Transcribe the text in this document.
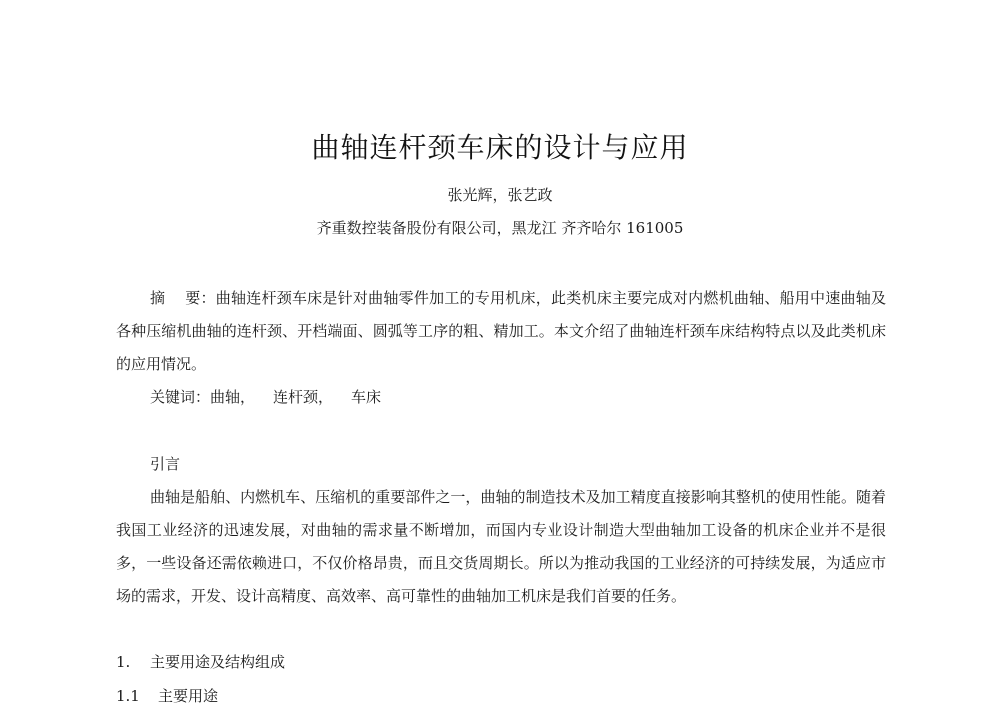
曲轴连杆颈车床的设计与应用
张光辉，张艺政
齐重数控装备股份有限公司，黑龙江 齐齐哈尔 161005

摘    要：曲轴连杆颈车床是针对曲轴零件加工的专用机床，此类机床主要完成对内燃机曲轴、船用中速曲轴及各种压缩机曲轴的连杆颈、开档端面、圆弧等工序的粗、精加工。本文介绍了曲轴连杆颈车床结构特点以及此类机床的应用情况。

关键词：曲轴， 连杆颈， 车床
引言

曲轴是船舶、内燃机车、压缩机的重要部件之一，曲轴的制造技术及加工精度直接影响其整机的使用性能。随着我国工业经济的迅速发展，对曲轴的需求量不断增加，而国内专业设计制造大型曲轴加工设备的机床企业并不是很多，一些设备还需依赖进口，不仅价格昂贵，而且交货周期长。所以为推动我国的工业经济的可持续发展，为适应市场的需求，开发、设计高精度、高效率、高可靠性的曲轴加工机床是我们首要的任务。

1. 主要用途及结构组成
1.1 主要用途
